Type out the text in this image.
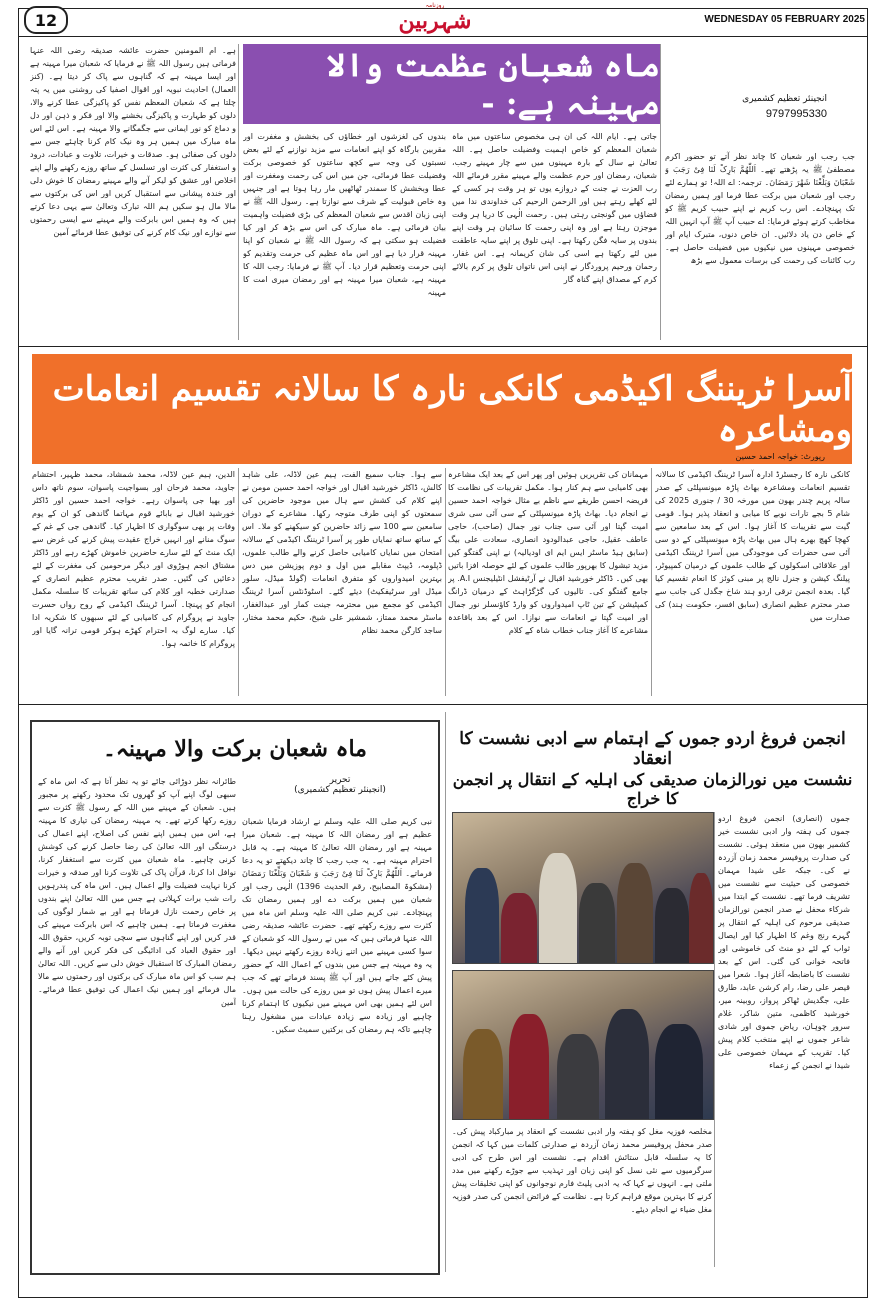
12
روزنامہ
شہربین	WEDNESDAY 05 FEBRUARY 2025
ماہ شعبان عظمت والا مہینہ ہے: -	انجینئر تعظیم کشمیری
9797995330
جب رجب اور شعبان کا چاند نظر آتے تو حضور اکرم مصطفیٰ ﷺ یہ پڑھتے تھے۔ اَللّٰھُمَّ بَارِکْ لَنَا فِیْ رَجَبَ وَ شَعْبَانَ وَبَلِّغْنَا شَھْرَ رَمَضَانَ۔ ترجمہ: اے اللہ! تو ہمارے لئے رجب اور شعبان میں برکت عطا فرما اور ہمیں رمضان تک پہنچادے۔ اس رب کریم نے اپنے حبیب کریم ﷺ کو مخاطب کرتے ہوئے فرمایا: اے حبیب آپ ﷺ آپ انہیں اللہ کے خاص دن یاد دلائیں۔ ان خاص دنوں، متبرک ایام اور خصوصی مہینوں میں نیکیوں میں فضیلت حاصل ہے۔ رب کائنات کی رحمت کی برسات معمول سے بڑھ
جاتی ہے۔ ایام اللہ کی ان ہی مخصوص ساعتوں میں ماہ شعبان المعظم کو خاص اہمیت وفضیلت حاصل ہے۔ اللہ تعالیٰ نے سال کے بارہ مہینوں میں سے چار مہینے رجب، شعبان، رمضان اور حرم عظمت والے مہینے مقرر فرمائے اللہ رب العزت نے جنت کے دروازے یوں تو ہر وقت ہر کسی کے لئے کھلے رہتے ہیں اور الرحمن الرحیم کی خداوندی ندا میں فضاؤں میں گونجتی رہتی ہیں۔ رحمت الٰہی کا دریا ہر وقت موجزن رہتا ہے اور وہ اپنی رحمت کا سائبان ہر وقت اپنے بندوں پر سایہ فگن رکھتا ہے۔ اپنی تلوق پر اپنے سایہ عاطفت میں لئے رکھتا ہے اسی کی شان کریمانہ ہے۔ اس غفار، رحمان ورحیم پروردگار نے اپنی اس ناتواں تلوق پر کرم بالائے کرم کے مصداق اپنے گناہ گار
بندوں کی لغزشوں اور خطاؤں کی بخشش و مغفرت اور مقربین بارگاہ کو اپنے انعامات سے مزید نوازنے کے لئے بعض نسبتوں کی وجہ سے کچھ ساعتوں کو خصوصی برکت وفضیلت عطا فرمائی، جن میں اس کی رحمت ومغفرت اور عطا وبخشش کا سمندر ٹھاٹھیں مار رہا ہوتا ہے اور جنہیں وہ خاص قبولیت کے شرف سے نوازتا ہے۔ رسول اللہ ﷺ نے اپنی زبان اقدس سے شعبان المعظم کی بڑی فضیلت واہمیت بیان فرمائی ہے۔ ماہ مبارک کی اس سے بڑھ کر اور کیا فضیلت ہو سکتی ہے کہ رسول اللہ ﷺ نے شعبان کو اپنا مہینہ قرار دیا ہے اور اس ماہ عظیم کی حرمت وتقدیم کو اپنی حرمت وتعظیم قرار دیا۔ آپ ﷺ نے فرمایا: رجب اللہ کا مہینہ ہے، شعبان میرا مہینہ ہے اور رمضان میری امت کا مہینہ
ہے۔ ام المومنین حضرت عائشہ صدیقہ رضی اللہ عنہا فرماتی ہیں رسول اللہ ﷺ نے فرمایا کہ شعبان میرا مہینہ ہے اور ایسا مہینہ ہے کہ گناہوں سے پاک کر دیتا ہے۔ (کنز العمال) احادیث نبویہ اور اقوال اصفیا کی روشنی میں یہ پتہ چلتا ہے کہ شعبان المعظم نفس کو پاکیزگی عطا کرنے والا، دلوں کو طہارت و پاکیزگی بخشنے والا اور فکر و ذہن اور دل و دماغ کو نور ایمانی سے جگمگانے والا مہینہ ہے۔ اس لئے اس ماہ مبارک میں ہمیں ہر وہ نیک کام کرنا چاہئے جس سے دلوں کی صفائی ہو۔ صدقات و خیرات، تلاوت و عبادات، درود و استغفار کی کثرت اور تسلسل کے ساتھ روزے رکھنے والے اپنے اخلاص اور عشق کو لیکر آنے والے مہینے رمضان کا خوش دلی اور خندہ پیشانی سے استقبال کریں اور اس کی برکتوں سے مالا مال ہو سکیں ہم اللہ تبارک وتعالیٰ سے یہی دعا کرتے ہیں کہ وہ ہمیں اس بابرکت والے مہینے سے ایسی رحمتوں سے نوازے اور نیک کام کرنے کی توفیق عطا فرمائے آمین
آسرا ٹریننگ اکیڈمی کانکی نارہ کا سالانہ تقسیم انعامات ومشاعرہ
رپورٹ: خواجہ احمد حسین
کانکی نارہ کا رجسٹرڈ ادارہ آسرا ٹریننگ اکیڈمی کا سالانہ تقسیم انعامات ومشاعرہ بھاٹ پاڑہ میونسپلٹی کے صدر سالہ پریم چندر بھون میں مورخہ 30 / جنوری 2025 کی شام 5 بجے تارات نوبے کا میابی و انعقاد پذیر ہوا۔ قومی گیت سے تقریبات کا آغاز ہوا۔ اس کے بعد سامعین سے کھچا کھچ بھرے ہال میں بھاٹ پاڑہ میونسپلٹی کے دو سی آئی سی حضرات کی موجودگی میں آسرا ٹریننگ اکیڈمی اور علاقائی اسکولوں کے طالب علموں کے درمیان کمپیوٹر، پیلنگ کیشن و جنرل نالج پر مبنی کوئز کا انعام تقسیم کیا گیا۔ بعدہ انجمن ترقی اردو ہند شاخ جگدل کی جانب سے صدر محترم عظیم انصاری (سابق افسر، حکومت ہند) کی صدارت میں
مہمانان کی تقریریں ہوئیں اور پھر اس کے بعد ایک مشاعرہ بھی کامیابی سے ہم کنار ہوا۔ مکمل تقریبات کی نظامت کا فریضہ احسن طریقے سے ناظم بے مثال خواجہ احمد حسین نے انجام دیا۔ بھاٹ پاڑہ میونسپلٹی کے سی آئی سی شری امیت گپتا اور آئی سی جناب نور جمال (صاحب)، حاجی عاطف عقیل، حاجی عبدالودود انصاری، سعادت علی بیگ (سابق ہیڈ ماسٹر ایس ایم ای اودیالیہ) نے اپنی گفتگو کیں مزید تبشول کا بھرپور طالب علموں کے لئے حوصلہ افزا باتیں بھی کیں۔ ڈاکٹر خورشید اقبال نے آرٹیفشل انٹیلیجنس A.I. پر جامع گفتگو کی۔ تالیوں کی گڑگڑاہٹ کے درمیان ڈرانگ کمپٹیشن کے تین ٹاپ امیدواروں کو وارڈ کاؤنسلر نور جمال اور امیت گپتا نے انعامات سے نوازا۔ اس کے بعد باقاعدہ مشاعرے کا آغاز جناب خطاب شاہ کے کلام
سے ہوا۔ جناب سمیع الفت، ہیم عین لاڈلہ، علی شاہد کالش، ڈاکٹر خورشید اقبال اور خواجہ احمد حسین مومن نے اپنے کلام کی کشش سے ہال میں موجود حاضرین کی سمعتوں کو اپنی طرف متوجہ رکھا۔ مشاعرے کے دوران سامعین سے 100 سے زائد حاضرین کو سیکھنے کو ملا۔ اس کے ساتھ ساتھ نمایاں طور پر آسرا ٹریننگ اکیڈمی کے سالانہ امتحان میں نمایاں کامیابی حاصل کرنے والے طالب علموں، ڈپلومہ، ڈیپٹ مقابلے میں اول و دوم پوزیشن میں دس بہترین امیدواروں کو متفرق انعامات (گولڈ میڈل، سلور میڈل اور سرٹیفکیٹ) دیئے گئے۔ اسٹوڈنٹس آسرا ٹریننگ اکیڈمی کو مجمع میں محترمہ جینت کمار اور عبدالغفار، ماسٹر محمد ممتاز، شمشیر علی شیخ، حکیم محمد مختار، ساجد کارگن محمد نظام
الدین، ہیم عین لاڈلہ، محمد شمشاد، محمد ظہیر، احتشام جاوید، محمد فرحان اور بسواجیت پاسوان، سوم ناتھ داس اور بھیا جی پاسوان رہے۔ خواجہ احمد حسین اور ڈاکٹر خورشید اقبال نے بابائے قوم مہاتما گاندھی کو ان کے یوم وفات پر بھی سوگواری کا اظہار کیا۔ گاندھی جی کے غم کے سوگ منانے اور انہیں خراج عقیدت پیش کرنے کی غرض سے ایک منٹ کے لئے سارے حاضرین خاموش کھڑے رہے اور ڈاکٹر مشتاق انجم ہوڑوی اور دیگر مرحومین کی مغفرت کے لئے دعائیں کی گئیں۔ صدر تقریب محترم عظیم انصاری کے صدارتی خطبہ اور کلام کی ساتھ تقریبات کا سلسلہ مکمل انجام کو پہنچا۔ آسرا ٹریننگ اکیڈمی کے روح رواں حسرت جاوید نے پروگرام کی کامیابی کے لئے سبھوں کا شکریہ ادا کیا۔ سارے لوگ بہ احترام کھڑے ہوکر قومی ترانہ گایا اور پروگرام کا خاتمہ ہوا۔
ماہ شعبان برکت والا مہینہ۔
تحریر
(انجینئر تعظیم کشمیری)
طائرانہ نظر دوڑائی جائے تو یہ نظر آتا ہے کہ اس ماہ کے سبھی لوگ اپنے آپ کو گھروں تک محدود رکھنے پر مجبور ہیں۔ شعبان کے مہینے میں اللہ کے رسول ﷺ کثرت سے روزے رکھا کرتے تھے۔ یہ مہینہ رمضان کی تیاری کا مہینہ ہے، اس میں ہمیں اپنے نفس کی اصلاح، اپنے اعمال کی درستگی اور اللہ تعالیٰ کی رضا حاصل کرنے کی کوشش کرنی چاہیے۔ ماہ شعبان میں کثرت سے استغفار کرنا، نوافل ادا کرنا، قرآن پاک کی تلاوت کرنا اور صدقہ و خیرات کرنا نہایت فضیلت والے اعمال ہیں۔ اس ماہ کی پندرہویں رات شب برات کہلاتی ہے جس میں اللہ تعالیٰ اپنے بندوں پر خاص رحمت نازل فرماتا ہے اور بے شمار لوگوں کی مغفرت فرماتا ہے۔ ہمیں چاہیے کہ اس بابرکت مہینے کی قدر کریں اور اپنے گناہوں سے سچی توبہ کریں، حقوق اللہ اور حقوق العباد کی ادائیگی کی فکر کریں اور آنے والے رمضان المبارک کا استقبال خوش دلی سے کریں۔ اللہ تعالیٰ ہم سب کو اس ماہ مبارک کی برکتوں اور رحمتوں سے مالا مال فرمائے اور ہمیں نیک اعمال کی توفیق عطا فرمائے۔ آمین
نبی کریم صلی اللہ علیہ وسلم نے ارشاد فرمایا شعبان عظیم ہے اور رمضان اللہ کا مہینہ ہے۔ شعبان میرا مہینہ ہے اور رمضان اللہ تعالیٰ کا مہینہ ہے۔ یہ قابل احترام مہینہ ہے۔ یہ جب رجب کا چاند دیکھتے تو یہ دعا فرماتے۔ اَللّٰھُمَّ بَارِکْ لَنَا فِیْ رَجَبَ وَ شَعْبَانَ وَبَلِّغْنَا رَمَضَانَ (مشکوۃ المصابیح، رقم الحدیث 1396) الٰہی رجب اور شعبان میں ہمیں برکت دے اور ہمیں رمضان تک پہنچادے۔ نبی کریم صلی اللہ علیہ وسلم اس ماہ میں کثرت سے روزے رکھتے تھے۔ حضرت عائشہ صدیقہ رضی اللہ عنہا فرماتی ہیں کہ میں نے رسول اللہ کو شعبان کے سوا کسی مہینے میں اتنے زیادہ روزے رکھتے نہیں دیکھا۔ یہ وہ مہینہ ہے جس میں بندوں کے اعمال اللہ کے حضور پیش کئے جاتے ہیں اور آپ ﷺ پسند فرماتے تھے کہ جب میرے اعمال پیش ہوں تو میں روزے کی حالت میں ہوں۔ اس لئے ہمیں بھی اس مہینے میں نیکیوں کا اہتمام کرنا چاہیے اور زیادہ سے زیادہ عبادات میں مشغول رہنا چاہیے تاکہ ہم رمضان کی برکتیں سمیٹ سکیں۔
انجمن فروغ اردو جموں کے اہتمام سے ادبی نشست کا انعقاد
نشست میں نورالزمان صدیقی کی اہلیہ کے انتقال پر انجمن کا خراج
جموں (انصاری) انجمن فروغ اردو جموں کی ہفتہ وار ادبی نشست خیر کشمیر بھون میں منعقد ہوئی۔ نشست کی صدارت پروفیسر محمد زمان آزردہ نے کی۔ جبکہ علی شیدا مہمان خصوصی کی حیثیت سے نشست میں تشریف فرما تھے۔ نشست کے ابتدا میں شرکاء محفل نے صدر انجمن نورالزمان صدیقی مرحوم کی اہلیہ کے انتقال پر گہرے رنج وغم کا اظہار کیا اور ایصال ثواب کے لئے دو منٹ کی خاموشی اور فاتحہ خوانی کی گئی۔ اس کے بعد نشست کا باضابطہ آغاز ہوا۔ شعرا میں قیصر علی رضا، رام کرشن عابد، طارق علی، جگدیش ٹھاکر پرواز، روبینہ میر، خورشید کاظمی، متین شاکر، غلام سرور چوہان، ریاض جموی اور شادی شاعر جموں نے اپنے منتخب کلام پیش کیا۔ تقریب کے مہمان خصوصی علی شیدا نے انجمن کے زعماء
مخلصہ فوزیہ مغل کو ہفتہ وار ادبی نشست کے انعقاد پر مبارکباد پیش کی۔ صدر محفل پروفیسر محمد زمان آزردہ نے صدارتی کلمات میں کہا کہ انجمن کا یہ سلسلہ قابل ستائش اقدام ہے۔ نشست اور اس طرح کی ادبی سرگرمیوں سے نئی نسل کو اپنی زبان اور تہذیب سے جوڑے رکھنے میں مدد ملتی ہے۔ انہوں نے کہا کہ یہ ادبی پلیٹ فارم نوجوانوں کو اپنی تخلیقات پیش کرنے کا بہترین موقع فراہم کرتا ہے۔ نظامت کے فرائض انجمن کی صدر فوزیہ مغل ضیاء نے انجام دیئے۔
